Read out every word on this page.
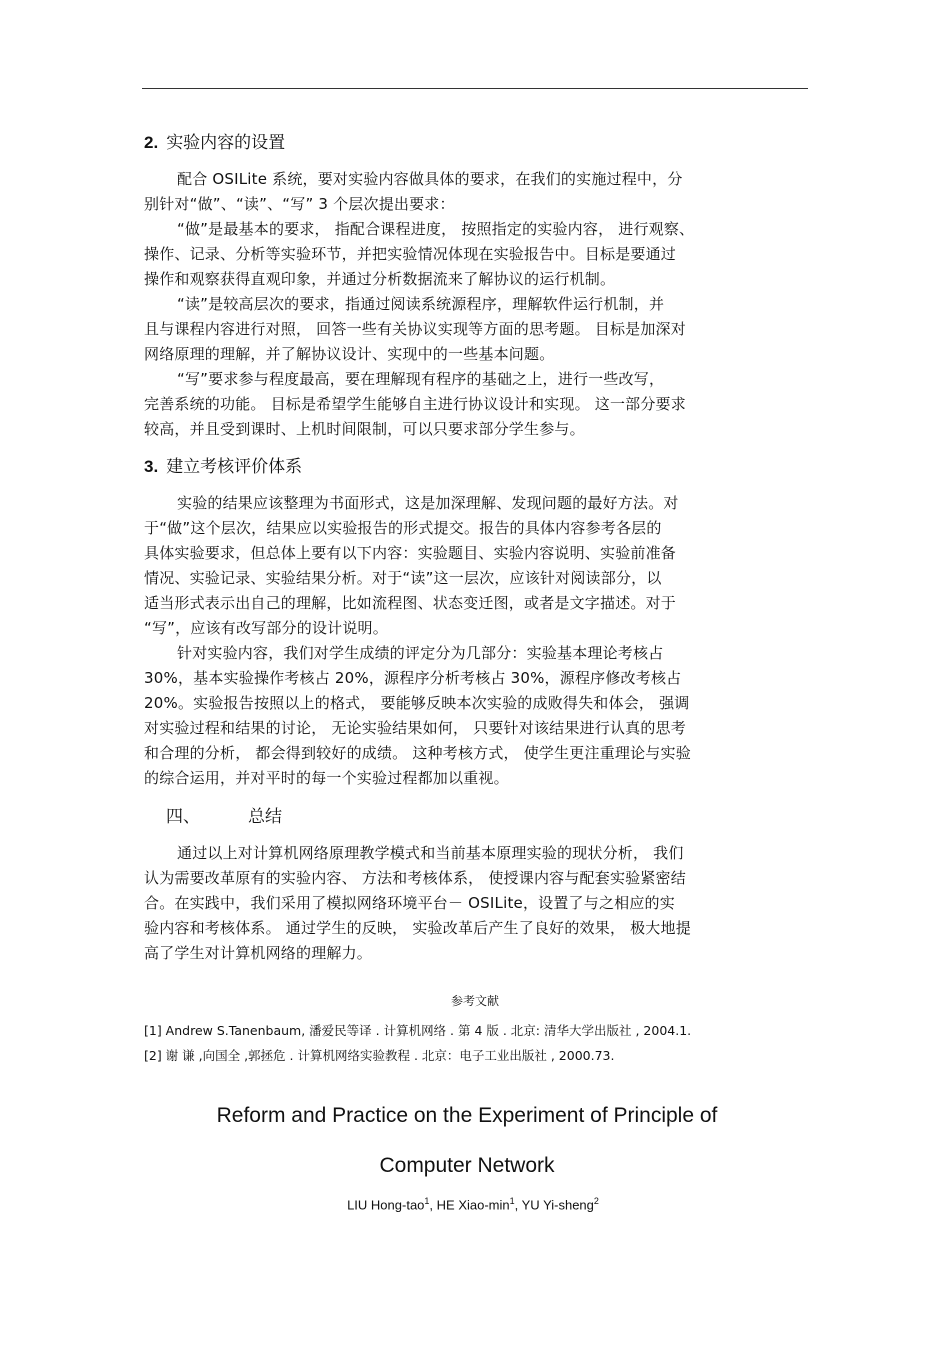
2. 实验内容的设置
配合 OSILite 系统，要对实验内容做具体的要求，在我们的实施过程中，分
别针对“做”、“读”、“写” 3 个层次提出要求：
“做”是最基本的要求， 指配合课程进度， 按照指定的实验内容， 进行观察、
操作、记录、分析等实验环节，并把实验情况体现在实验报告中。目标是要通过
操作和观察获得直观印象，并通过分析数据流来了解协议的运行机制。
“读”是较高层次的要求，指通过阅读系统源程序，理解软件运行机制，并
且与课程内容进行对照， 回答一些有关协议实现等方面的思考题。 目标是加深对
网络原理的理解，并了解协议设计、实现中的一些基本问题。
“写”要求参与程度最高，要在理解现有程序的基础之上，进行一些改写，
完善系统的功能。 目标是希望学生能够自主进行协议设计和实现。 这一部分要求
较高，并且受到课时、上机时间限制，可以只要求部分学生参与。
3. 建立考核评价体系
实验的结果应该整理为书面形式，这是加深理解、发现问题的最好方法。对
于“做”这个层次，结果应以实验报告的形式提交。报告的具体内容参考各层的
具体实验要求，但总体上要有以下内容：实验题目、实验内容说明、实验前准备
情况、实验记录、实验结果分析。对于“读”这一层次，应该针对阅读部分，以
适当形式表示出自己的理解，比如流程图、状态变迁图，或者是文字描述。对于
“写”，应该有改写部分的设计说明。
针对实验内容，我们对学生成绩的评定分为几部分：实验基本理论考核占
30%，基本实验操作考核占 20%，源程序分析考核占 30%，源程序修改考核占
20%。实验报告按照以上的格式， 要能够反映本次实验的成败得失和体会， 强调
对实验过程和结果的讨论， 无论实验结果如何， 只要针对该结果进行认真的思考
和合理的分析， 都会得到较好的成绩。 这种考核方式， 使学生更注重理论与实验
的综合运用，并对平时的每一个实验过程都加以重视。
四、	总结
通过以上对计算机网络原理教学模式和当前基本原理实验的现状分析， 我们
认为需要改革原有的实验内容、 方法和考核体系， 使授课内容与配套实验紧密结
合。在实践中，我们采用了模拟网络环境平台－ OSILite，设置了与之相应的实
验内容和考核体系。 通过学生的反映， 实验改革后产生了良好的效果， 极大地提
高了学生对计算机网络的理解力。
参考文献
[1] Andrew S.Tanenbaum, 潘爱民等译 . 计算机网络 . 第 4 版 . 北京: 清华大学出版社 , 2004.1.
[2] 谢 谦 ,向国全 ,郭拯危 . 计算机网络实验教程 . 北京：电子工业出版社 , 2000.73.
Reform and Practice on the Experiment of Principle of
Computer Network
LIU Hong-tao$^1$, HE Xiao-$\min^1$, YU Yi-sheng$^2$
